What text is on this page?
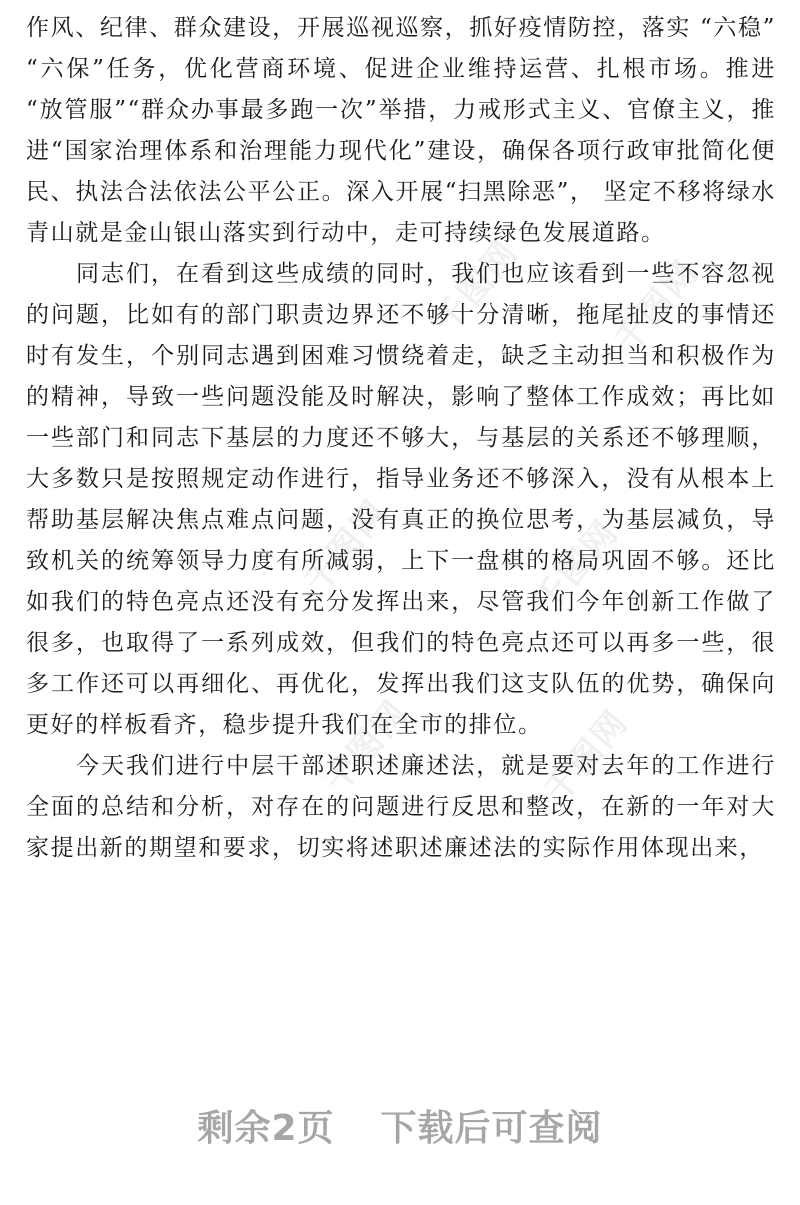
千图网 千图网
千图网	千图网
千图网	千图网

作风、纪律、群众建设，开展巡视巡察，抓好疫情防控，落实 “六稳” “六保”任务，优化营商环境、促进企业维持运营、扎根市场。推进 “放管服”“群众办事最多跑一次”举措，力戒形式主义、官僚主义，推进“国家治理体系和治理能力现代化”建设，确保各项行政审批简化便民、执法合法依法公平公正。深入开展“扫黑除恶”， 坚定不移将绿水青山就是金山银山落实到行动中，走可持续绿色发展道路。

同志们，在看到这些成绩的同时，我们也应该看到一些不容忽视的问题，比如有的部门职责边界还不够十分清晰，拖尾扯皮的事情还时有发生，个别同志遇到困难习惯绕着走，缺乏主动担当和积极作为的精神，导致一些问题没能及时解决，影响了整体工作成效；再比如一些部门和同志下基层的力度还不够大，与基层的关系还不够理顺，大多数只是按照规定动作进行，指导业务还不够深入，没有从根本上帮助基层解决焦点难点问题，没有真正的换位思考，为基层减负，导致机关的统筹领导力度有所减弱，上下一盘棋的格局巩固不够。还比如我们的特色亮点还没有充分发挥出来，尽管我们今年创新工作做了很多，也取得了一系列成效，但我们的特色亮点还可以再多一些，很多工作还可以再细化、再优化，发挥出我们这支队伍的优势，确保向更好的样板看齐，稳步提升我们在全市的排位。

今天我们进行中层干部述职述廉述法，就是要对去年的工作进行全面的总结和分析，对存在的问题进行反思和整改，在新的一年对大家提出新的期望和要求，切实将述职述廉述法的实际作用体现出来，

剩余2页 下载后可查阅
